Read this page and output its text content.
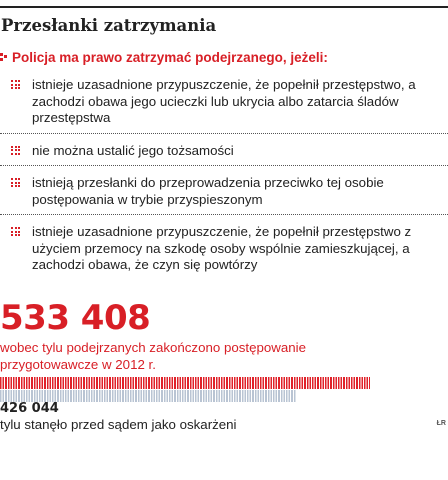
Przesłanki zatrzymania
Policja ma prawo zatrzymać podejrzanego, jeżeli:
istnieje uzasadnione przypuszczenie, że popełnił przestępstwo, a zachodzi obawa jego ucieczki lub ukrycia albo zatarcia śladów przestępstwa
nie można ustalić jego tożsamości
istnieją przesłanki do przeprowadzenia przeciwko tej osobie postępowania w trybie przyspieszonym
istnieje uzasadnione przypuszczenie, że popełnił przestępstwo z użyciem przemocy na szkodę osoby wspólnie zamieszkującej, a zachodzi obawa, że czyn się powtórzy
533 408
wobec tylu podejrzanych zakończono postępowanie przygotowawcze w 2012 r.
426 044
tylu stanęło przed sądem jako oskarżeni	ŁR
